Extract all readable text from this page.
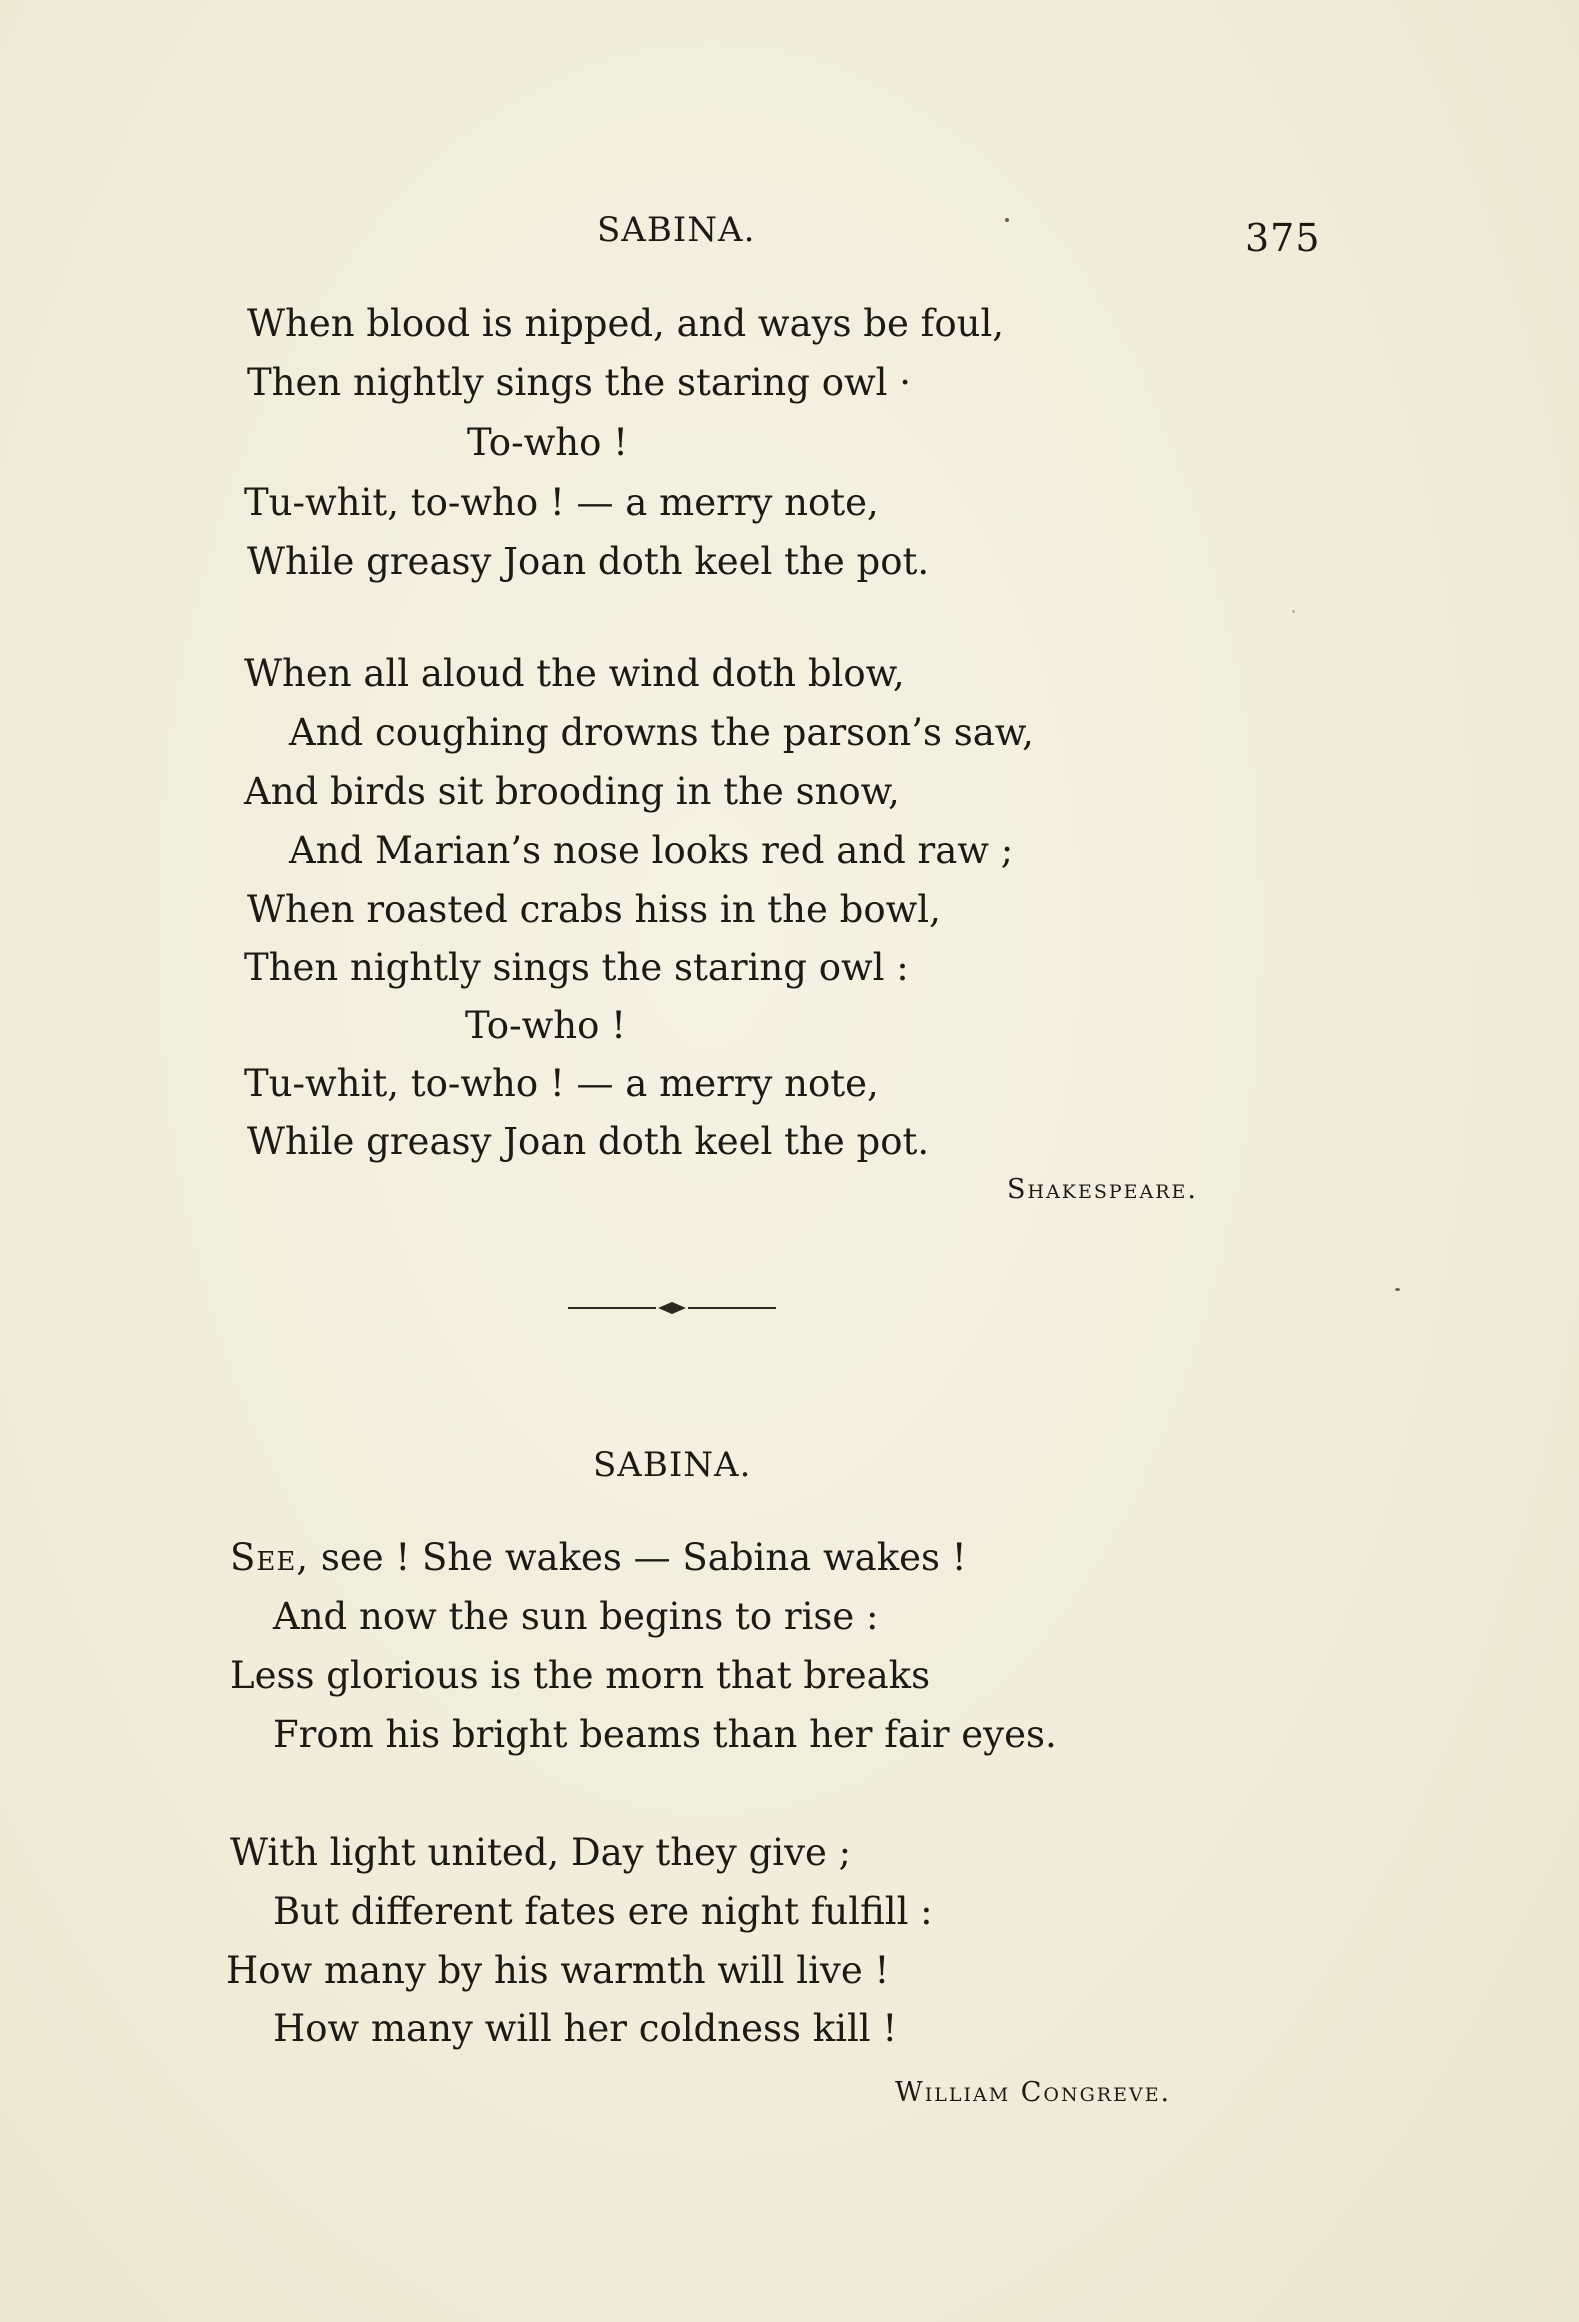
SABINA.	375
When blood is nipped, and ways be foul,
Then nightly sings the staring owl ·
To-who !
Tu-whit, to-who ! — a merry note,
While greasy Joan doth keel the pot.
When all aloud the wind doth blow,
And coughing drowns the parson’s saw,
And birds sit brooding in the snow,
And Marian’s nose looks red and raw ;
When roasted crabs hiss in the bowl,
Then nightly sings the staring owl :
To-who !
Tu-whit, to-who ! — a merry note,
While greasy Joan doth keel the pot.
Shakespeare.
SABINA.
See, see ! She wakes — Sabina wakes !
And now the sun begins to rise :
Less glorious is the morn that breaks
From his bright beams than her fair eyes.
With light united, Day they give ;
But different fates ere night fulfill :
How many by his warmth will live !
How many will her coldness kill !
William Congreve.
